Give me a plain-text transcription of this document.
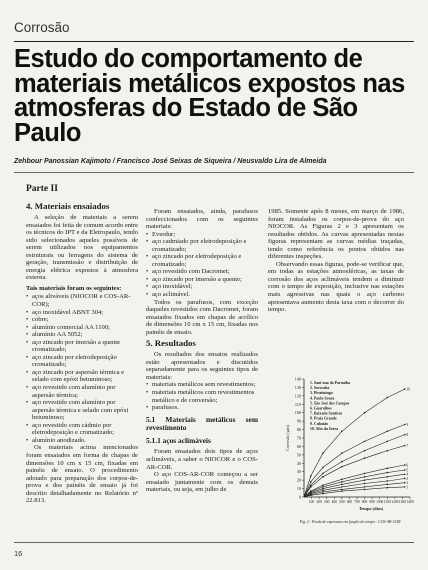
Corrosão
Estudo do comportamento de materiais metálicos expostos nas atmosferas do Estado de São Paulo
Zehbour Panossian Kajimoto / Francisco José Seixas de Siqueira / Neusvaldo Lira de Almeida
Parte II
4. Materiais ensaiados

A seleção de materiais a serem ensaiados foi feita de comum acordo entre os técnicos do IPT e da Eletropaulo, tendo sido selecionados aqueles possíveis de serem utilizados nos equipamentos estruturais ou ferragens do sistema de geração, transmissão e distribuição de energia elétrica expostos à atmosfera externa.

Tais materiais foram os seguintes:
• aços aliváveis (NIOCOR e COS-AR-COR);
• aço inoxidável ABNT 304;
• cobre;
• alumínio comercial AA 1100;
• alumínio AA 5052;
• aço zincado por imersão a quente cromatizado;
• aço zincado por eletrodeposição cromatizado;
• aço zincado por aspersão térmica e selado com epóxi betuminoso;
• aço revestido com alumínio por aspersão térmica;
• aço revestido com alumínio por aspersão térmica e selado com epóxi betuminoso;
• aço revestido com cádmio por eletrodeposição e cromatizado;
• alumínio anodizado.

Os materiais acima mencionados foram ensaiados em forma de chapas de dimensões 10 cm x 15 cm, fixadas em painéis de ensaio. O procedimento adotado para preparação dos corpos-de-prova e dos painéis de ensaio já foi descrito detalhadamente no Relatório nº 22.813.

Foram ensaiados, ainda, parafusos confeccionados com os seguintes materiais:

• Everdur;
• aço cadmiado por eletrodeposição e cromatizado;
• aço zincado por eletrodeposição e cromatizado;
• aço revestido com Dacromet;
• aço zincado por imersão a quente;
• aço inoxidável;
• aço aclimável.

Todos os parafusos, com exceção daqueles revestidos com Dacromet, foram ensaiados fixados em chapas de acrílico de dimensões 10 cm x 15 cm, fixadas nos painéis de ensaio.

5. Resultados

Os resultados dos ensaios realizados estão apresentados e discutidos separadamente para os seguintes tipos de materiais:

• materiais metálicos sem revestimentos;
• materiais metálicos com revestimentos metálico e de conversão;
• parafusos.
5.1 Materiais metálicos sem revestimento
5.1.1 aços aclimáveis

Foram ensaiados dois tipos de aços aclimáveis, a saber o NIOCOR e o COS-AR-COR.

O aço COS-AR-COR começou a ser ensaiado juntamente com os demais materiais, ou seja, em julho de

1985. Somente após 8 meses, em março de 1986, foram instalados os corpos-de-prova do aço NIOCOR. As Figuras 2 e 3 apresentam os resultados obtidos. As curvas apresentadas nestas figuras representam as curvas médias traçadas, tendo como referência os pontos obtidos nas diferentes inspeções.

Observando essas figuras, pode-se verificar que, em todas as estações atmosféricas, as taxas de corrosão dos aços aclimáveis tendem a diminuir com o tempo de exposição, inclusive nas estações mais agressivas nas quais o aço carbono apresentava aumento desta taxa com o decorrer do tempo.

0
10
20
30
40
50
60
70
80
90
100
110
120
130
140
100 200 300 400 500 600 700 800 900 1000 1100 1200 1300 1400
Tempo (dias)
Corrosão (µm)
10
9
8
7
6
5
4
3
2
1
1. Sant'ana do Parnaíba
2. Sorocaba
3. Piratininga
4. Paulo Souza
5. São José dos Campos
6. Guarulhos
7. Baixada Santista
8. Praia Grande
9. Cubatão
10. Alto da Serra
Fig. 2 - Perda de espessura em função do tempo - COS-AR-COR
16
